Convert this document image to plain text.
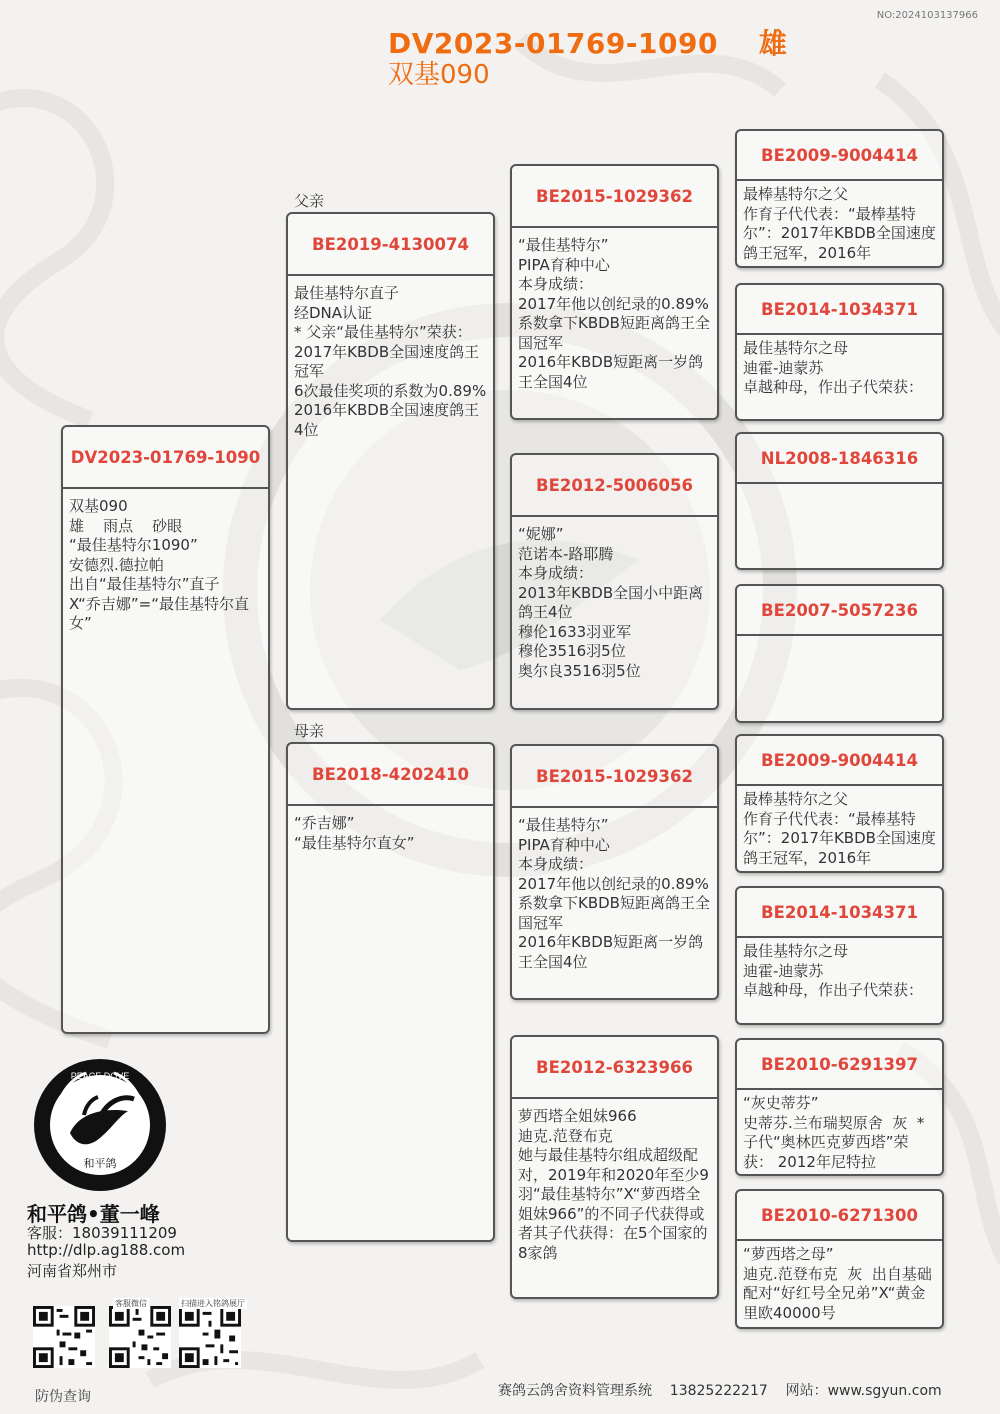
NO:2024103137966
DV2023-01769-1090    雄
双基090
父亲
母亲
DV2023-01769-1090
双基090
雄    雨点    砂眼
“最佳基特尔1090”
安德烈.德拉帕
出自“最佳基特尔”直子
X“乔吉娜”=“最佳基特尔直女”
BE2019-4130074
最佳基特尔直子
经DNA认证
* 父亲“最佳基特尔”荣获：
2017年KBDB全国速度鸽王冠军
6次最佳奖项的系数为0.89%
2016年KBDB全国速度鸽王4位
BE2018-4202410
“乔吉娜”
“最佳基特尔直女”
BE2015-1029362
“最佳基特尔”
PIPA育种中心
本身成绩：
2017年他以创纪录的0.89%系数拿下KBDB短距离鸽王全国冠军
2016年KBDB短距离一岁鸽王全国4位
BE2012-5006056
“妮娜”
范诺本-路耶腾
本身成绩：
2013年KBDB全国小中距离鸽王4位
穆伦1633羽亚军
穆伦3516羽5位
奥尔良3516羽5位
BE2015-1029362
“最佳基特尔”
PIPA育种中心
本身成绩：
2017年他以创纪录的0.89%系数拿下KBDB短距离鸽王全国冠军
2016年KBDB短距离一岁鸽王全国4位
BE2012-6323966
萝西塔全姐妹966
迪克.范登布克
她与最佳基特尔组成超级配对，2019年和2020年至少9羽“最佳基特尔”X“萝西塔全姐妹966”的不同子代获得或者其子代获得：在5个国家的8家鸽
BE2009-9004414
最棒基特尔之父
作育子代代表：“最棒基特尔”：2017年KBDB全国速度鸽王冠军，2016年
BE2014-1034371
最佳基特尔之母
迪霍-迪蒙苏
卓越种母，作出子代荣获：
NL2008-1846316
BE2007-5057236
BE2009-9004414
最棒基特尔之父
作育子代代表：“最棒基特尔”：2017年KBDB全国速度鸽王冠军，2016年
BE2014-1034371
最佳基特尔之母
迪霍-迪蒙苏
卓越种母，作出子代荣获：
BE2010-6291397
“灰史蒂芬”
史蒂芬.兰布瑞契原舍  灰  *子代“奥林匹克萝西塔”荣获： 2012年尼特拉
BE2010-6271300
“萝西塔之母”
迪克.范登布克  灰  出自基础配对“好红号全兄弟”X“黄金里欧40000号
PEACE DOVE
和平鸽
和平鸽•董一峰
客服：18039111209
http://dlp.ag188.com
河南省郑州市
客服微信	扫描进入铭鸽展厅
防伪查询	赛鸽云鸽舍资料管理系统    13825222217    网站：www.sgyun.com
